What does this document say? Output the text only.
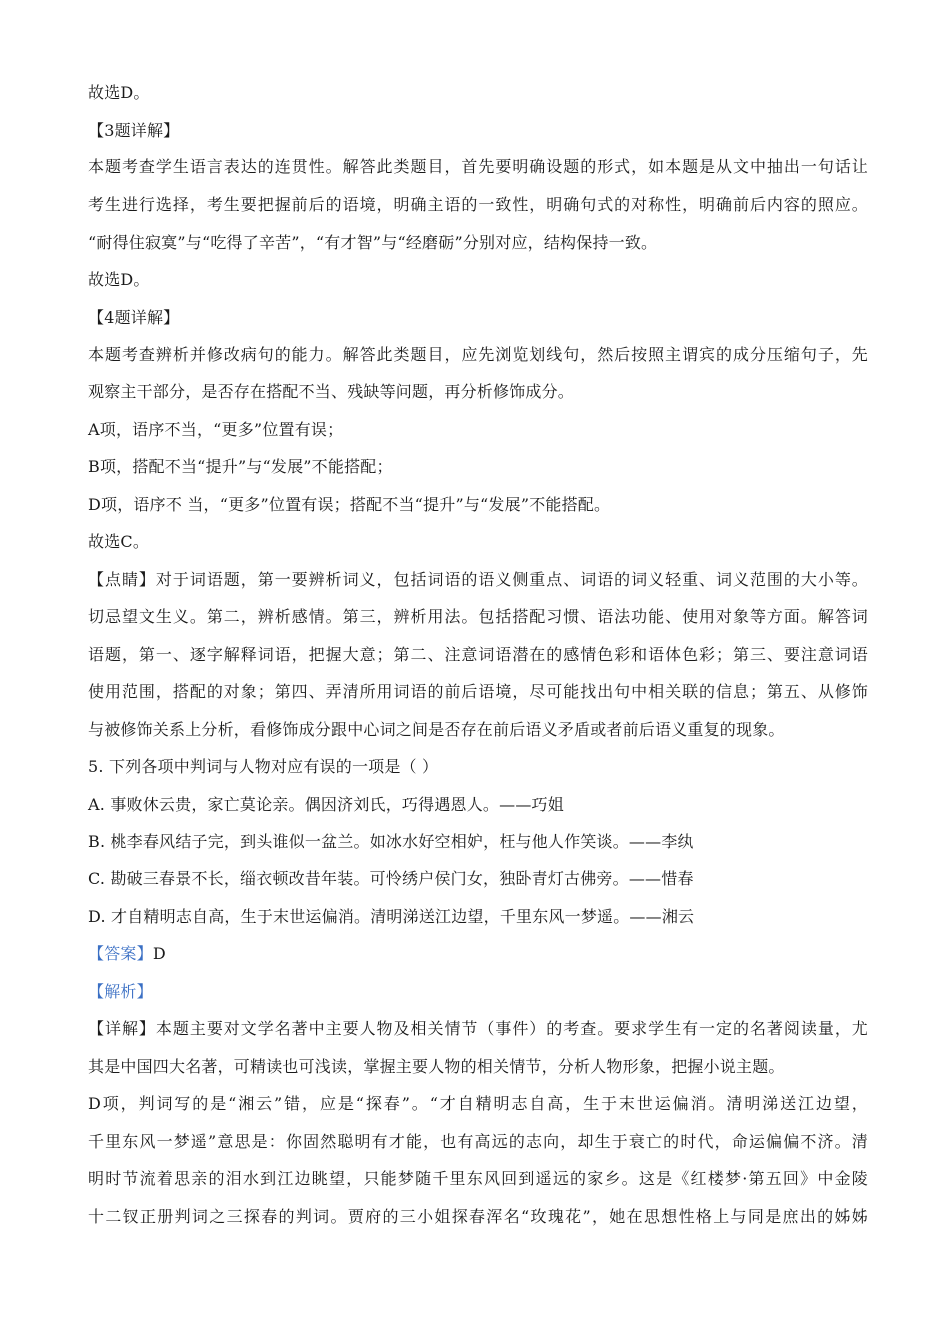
故选D。
【3题详解】
本题考查学生语言表达的连贯性。解答此类题目，首先要明确设题的形式，如本题是从文中抽出一句话让
考生进行选择，考生要把握前后的语境，明确主语的一致性，明确句式的对称性，明确前后内容的照应。
“耐得住寂寞”与“吃得了辛苦”，“有才智”与“经磨砺”分别对应，结构保持一致。
故选D。
【4题详解】
本题考查辨析并修改病句的能力。解答此类题目，应先浏览划线句，然后按照主谓宾的成分压缩句子，先
观察主干部分，是否存在搭配不当、残缺等问题，再分析修饰成分。
A项，语序不当，“更多”位置有误；
B项，搭配不当“提升”与“发展”不能搭配；
D项，语序不 当，“更多”位置有误；搭配不当“提升”与“发展”不能搭配。
故选C。
【点睛】对于词语题，第一要辨析词义，包括词语的语义侧重点、词语的词义轻重、词义范围的大小等。
切忌望文生义。第二，辨析感情。第三，辨析用法。包括搭配习惯、语法功能、使用对象等方面。解答词
语题，第一、逐字解释词语，把握大意；第二、注意词语潜在的感情色彩和语体色彩；第三、要注意词语
使用范围，搭配的对象；第四、弄清所用词语的前后语境，尽可能找出句中相关联的信息；第五、从修饰
与被修饰关系上分析，看修饰成分跟中心词之间是否存在前后语义矛盾或者前后语义重复的现象。
5. 下列各项中判词与人物对应有误的一项是（ ）
A. 事败休云贵，家亡莫论亲。偶因济刘氏，巧得遇恩人。——巧姐
B. 桃李春风结子完，到头谁似一盆兰。如冰水好空相妒，枉与他人作笑谈。——李纨
C. 勘破三春景不长，缁衣顿改昔年装。可怜绣户侯门女，独卧青灯古佛旁。——惜春
D. 才自精明志自高，生于末世运偏消。清明涕送江边望，千里东风一梦遥。——湘云
【答案】D
【解析】
【详解】本题主要对文学名著中主要人物及相关情节（事件）的考查。要求学生有一定的名著阅读量，尤
其是中国四大名著，可精读也可浅读，掌握主要人物的相关情节，分析人物形象，把握小说主题。
D项，判词写的是“湘云”错，应是“探春”。“才自精明志自高，生于末世运偏消。清明涕送江边望，
千里东风一梦遥”意思是：你固然聪明有才能，也有高远的志向，却生于衰亡的时代，命运偏偏不济。清
明时节流着思亲的泪水到江边眺望，只能梦随千里东风回到遥远的家乡。这是《红楼梦·第五回》中金陵
十二钗正册判词之三探春的判词。贾府的三小姐探春浑名“玫瑰花”，她在思想性格上与同是庶出的姊姊
